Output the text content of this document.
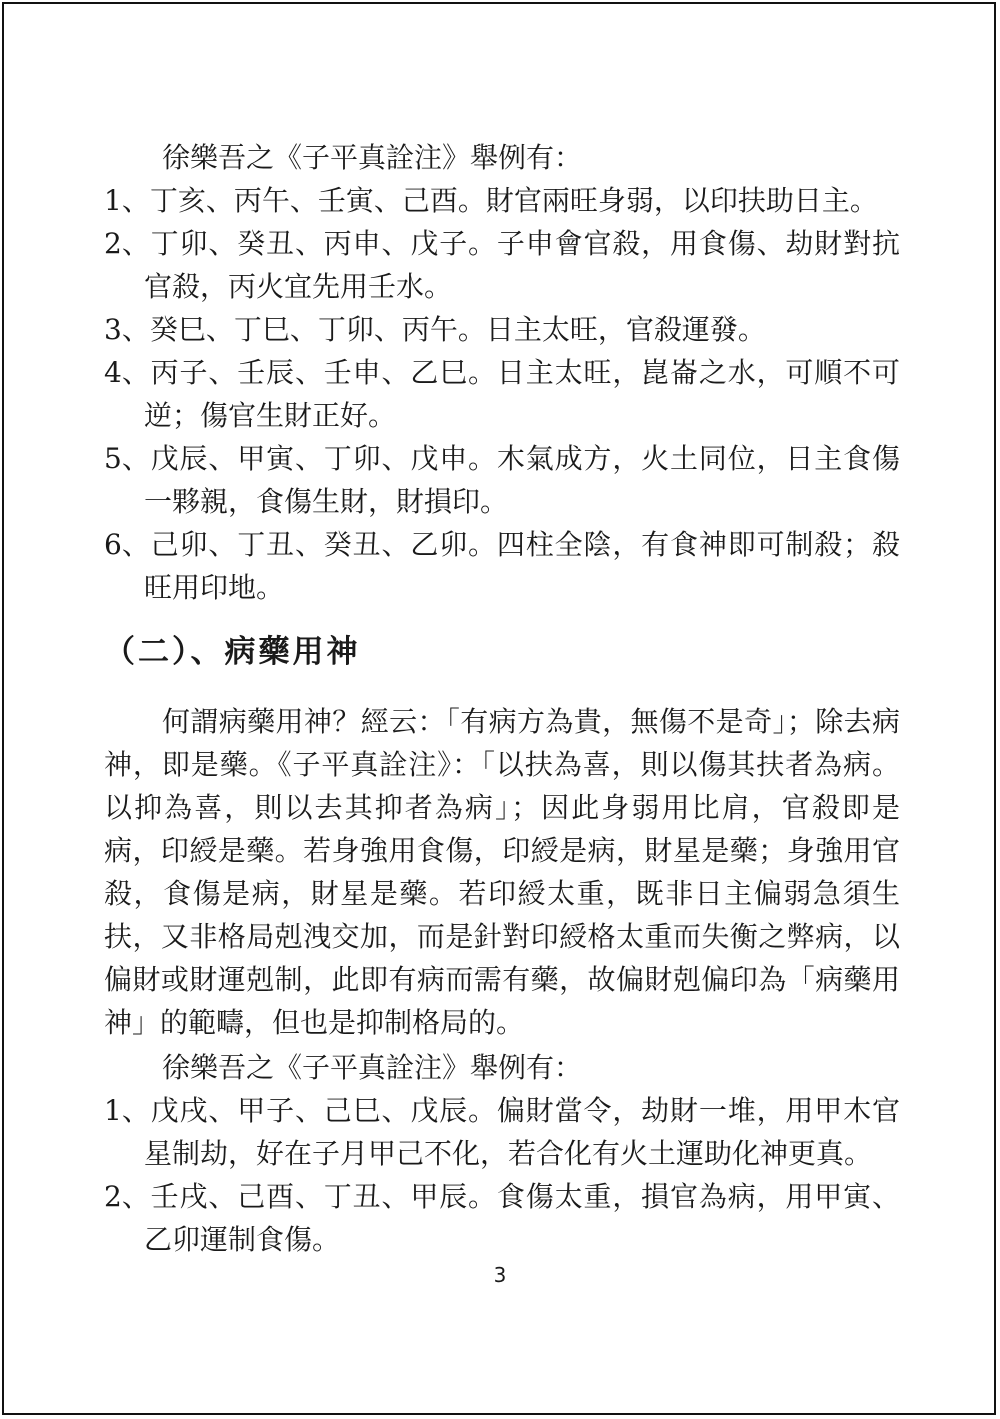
徐樂吾之《子平真詮注》舉例有：

1、丁亥、丙午、壬寅、己酉。財官兩旺身弱，以印扶助日主。
2、丁卯、癸丑、丙申、戊子。子申會官殺，用食傷、劫財對抗官殺，丙火宜先用壬水。
3、癸巳、丁巳、丁卯、丙午。日主太旺，官殺運發。
4、丙子、壬辰、壬申、乙巳。日主太旺，崑崙之水，可順不可逆；傷官生財正好。
5、戊辰、甲寅、丁卯、戊申。木氣成方，火土同位，日主食傷一夥親，食傷生財，財損印。
6、己卯、丁丑、癸丑、乙卯。四柱全陰，有食神即可制殺；殺旺用印地。
（二）、病藥用神

何謂病藥用神？經云：「有病方為貴，無傷不是奇」；除去病神，即是藥。《子平真詮注》：「以扶為喜，則以傷其扶者為病。以抑為喜，則以去其抑者為病」；因此身弱用比肩，官殺即是病，印綬是藥。若身強用食傷，印綬是病，財星是藥；身強用官殺，食傷是病，財星是藥。若印綬太重，既非日主偏弱急須生扶，又非格局剋洩交加，而是針對印綬格太重而失衡之弊病，以偏財或財運剋制，此即有病而需有藥，故偏財剋偏印為「病藥用神」的範疇，但也是抑制格局的。

徐樂吾之《子平真詮注》舉例有：

1、戊戌、甲子、己巳、戊辰。偏財當令，劫財一堆，用甲木官星制劫，好在子月甲己不化，若合化有火土運助化神更真。
2、壬戌、己酉、丁丑、甲辰。食傷太重，損官為病，用甲寅、乙卯運制食傷。
3
